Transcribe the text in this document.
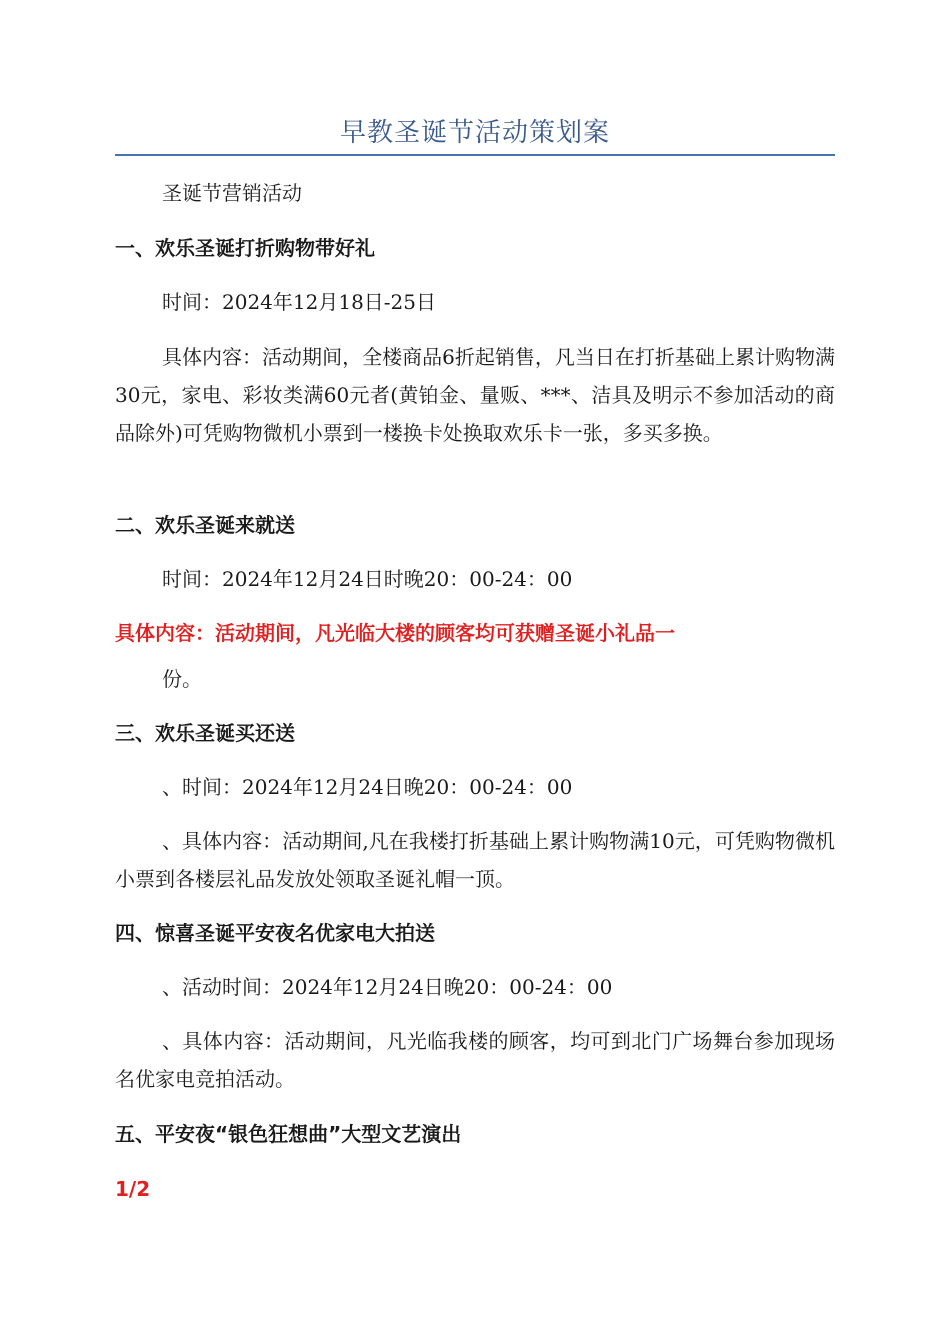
早教圣诞节活动策划案
圣诞节营销活动
一、欢乐圣诞打折购物带好礼
时间：2024年12月18日-25日
具体内容：活动期间，全楼商品6折起销售，凡当日在打折基础上累计购物满30元，家电、彩妆类满60元者(黄铂金、量贩、***、洁具及明示不参加活动的商品除外)可凭购物微机小票到一楼换卡处换取欢乐卡一张，多买多换。
二、欢乐圣诞来就送
时间：2024年12月24日时晚20：00-24：00
具体内容：活动期间，凡光临大楼的顾客均可获赠圣诞小礼品一
份。
三、欢乐圣诞买还送
、时间：2024年12月24日晚20：00-24：00
、具体内容：活动期间,凡在我楼打折基础上累计购物满10元，可凭购物微机小票到各楼层礼品发放处领取圣诞礼帽一顶。
四、惊喜圣诞平安夜名优家电大拍送
、活动时间：2024年12月24日晚20：00-24：00
、具体内容：活动期间，凡光临我楼的顾客，均可到北门广场舞台参加现场名优家电竞拍活动。
五、平安夜“银色狂想曲”大型文艺演出
1/2
